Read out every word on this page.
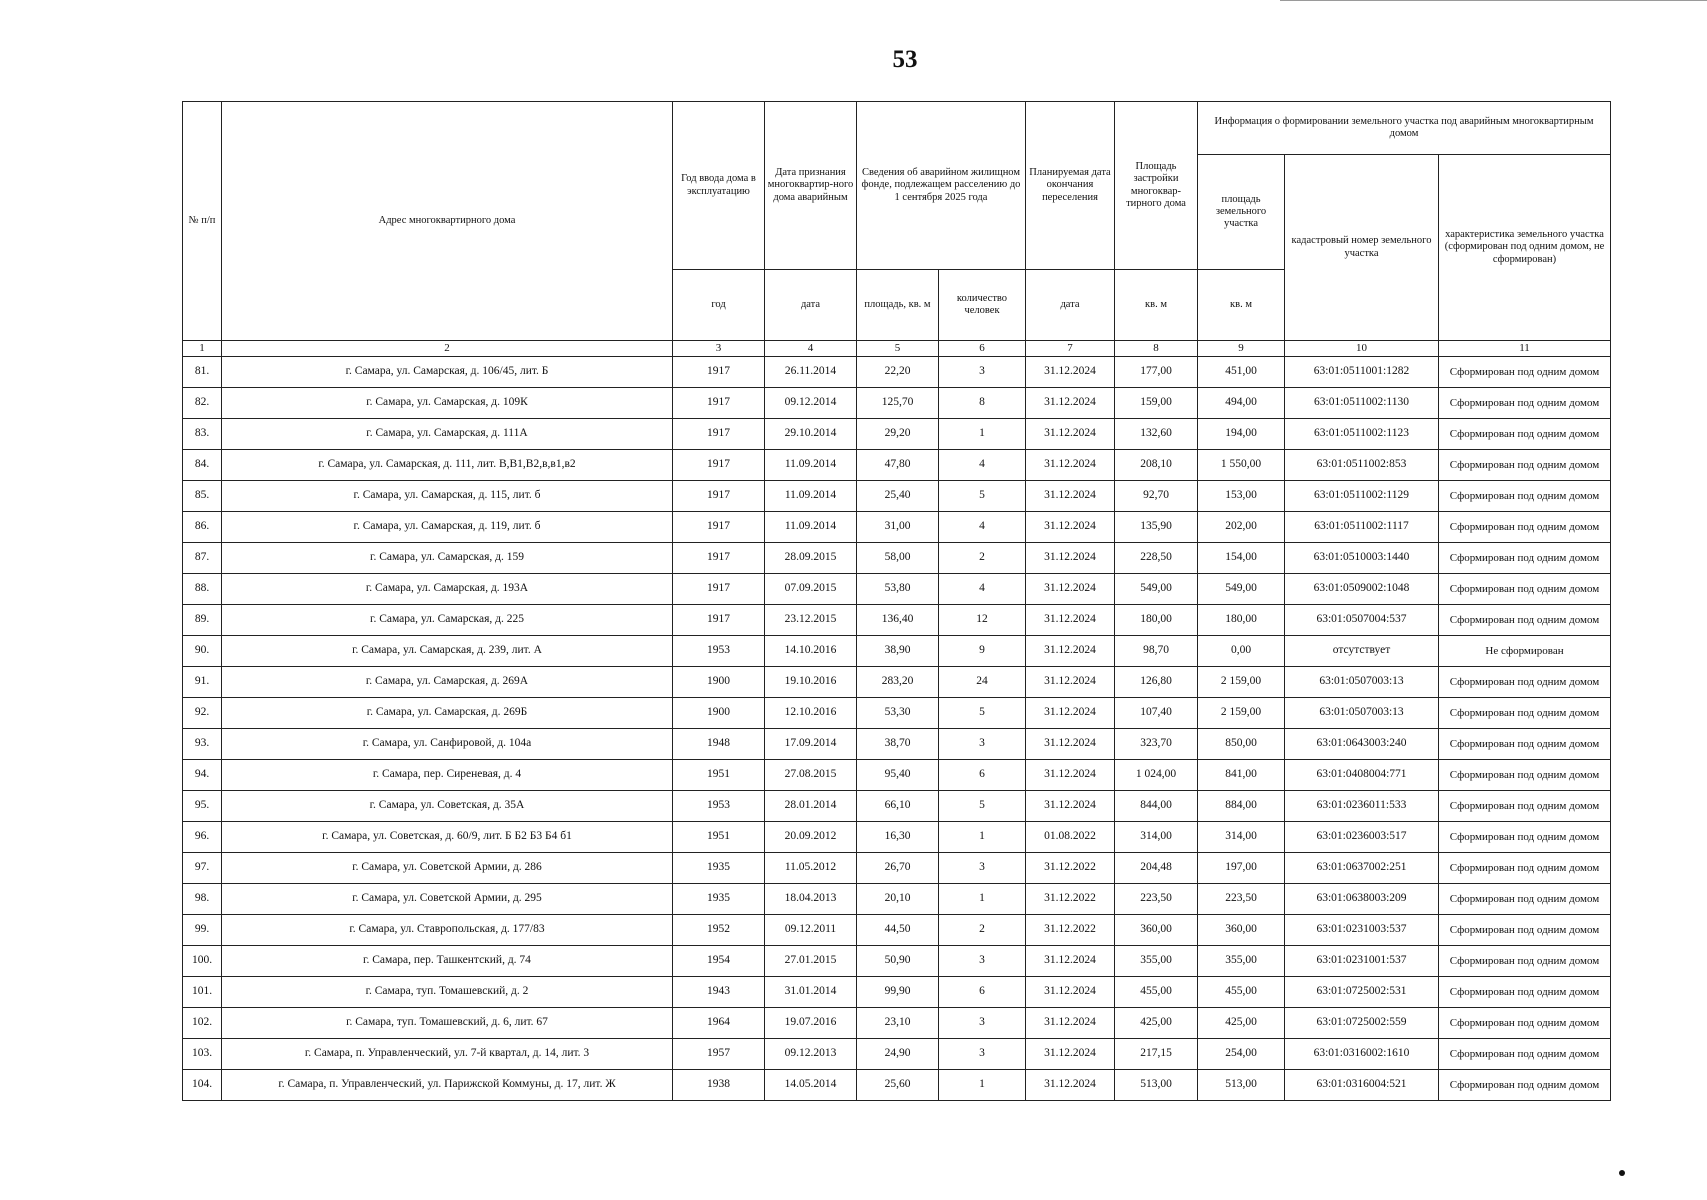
53
№ п/п	Адрес многоквартирного дома	Год ввода дома в эксплуатацию	Дата признания многоквартир-ного дома аварийным	Сведения об аварийном жилищном фонде, подлежащем расселению до 1 сентября 2025 года		Планируемая дата окончания переселения	Площадь застройки многоквар-тирного дома	Информация о формировании земельного участка под аварийным многоквартирным домом		
								площадь земельного участка	кадастровый номер земельного участка	характеристика земельного участка (сформирован под одним домом, не сформирован)
		год	дата	площадь, кв. м	количество человек	дата	кв. м	кв. м		
1	2	3	4	5	6	7	8	9	10	11
81.	г. Самара, ул. Самарская, д. 106/45, лит. Б	1917	26.11.2014	22,20	3	31.12.2024	177,00	451,00	63:01:0511001:1282	Сформирован под одним домом
82.	г. Самара, ул. Самарская, д. 109К	1917	09.12.2014	125,70	8	31.12.2024	159,00	494,00	63:01:0511002:1130	Сформирован под одним домом
83.	г. Самара, ул. Самарская, д. 111А	1917	29.10.2014	29,20	1	31.12.2024	132,60	194,00	63:01:0511002:1123	Сформирован под одним домом
84.	г. Самара, ул. Самарская, д. 111, лит. В,В1,В2,в,в1,в2	1917	11.09.2014	47,80	4	31.12.2024	208,10	1 550,00	63:01:0511002:853	Сформирован под одним домом
85.	г. Самара, ул. Самарская, д. 115, лит. б	1917	11.09.2014	25,40	5	31.12.2024	92,70	153,00	63:01:0511002:1129	Сформирован под одним домом
86.	г. Самара, ул. Самарская, д. 119, лит. б	1917	11.09.2014	31,00	4	31.12.2024	135,90	202,00	63:01:0511002:1117	Сформирован под одним домом
87.	г. Самара, ул. Самарская, д. 159	1917	28.09.2015	58,00	2	31.12.2024	228,50	154,00	63:01:0510003:1440	Сформирован под одним домом
88.	г. Самара, ул. Самарская, д. 193А	1917	07.09.2015	53,80	4	31.12.2024	549,00	549,00	63:01:0509002:1048	Сформирован под одним домом
89.	г. Самара, ул. Самарская, д. 225	1917	23.12.2015	136,40	12	31.12.2024	180,00	180,00	63:01:0507004:537	Сформирован под одним домом
90.	г. Самара, ул. Самарская, д. 239, лит. А	1953	14.10.2016	38,90	9	31.12.2024	98,70	0,00	отсутствует	Не сформирован
91.	г. Самара, ул. Самарская, д. 269А	1900	19.10.2016	283,20	24	31.12.2024	126,80	2 159,00	63:01:0507003:13	Сформирован под одним домом
92.	г. Самара, ул. Самарская, д. 269Б	1900	12.10.2016	53,30	5	31.12.2024	107,40	2 159,00	63:01:0507003:13	Сформирован под одним домом
93.	г. Самара, ул. Санфировой, д. 104а	1948	17.09.2014	38,70	3	31.12.2024	323,70	850,00	63:01:0643003:240	Сформирован под одним домом
94.	г. Самара, пер. Сиреневая, д. 4	1951	27.08.2015	95,40	6	31.12.2024	1 024,00	841,00	63:01:0408004:771	Сформирован под одним домом
95.	г. Самара, ул. Советская, д. 35А	1953	28.01.2014	66,10	5	31.12.2024	844,00	884,00	63:01:0236011:533	Сформирован под одним домом
96.	г. Самара, ул. Советская, д. 60/9, лит. Б Б2 Б3 Б4 б1	1951	20.09.2012	16,30	1	01.08.2022	314,00	314,00	63:01:0236003:517	Сформирован под одним домом
97.	г. Самара, ул. Советской Армии, д. 286	1935	11.05.2012	26,70	3	31.12.2022	204,48	197,00	63:01:0637002:251	Сформирован под одним домом
98.	г. Самара, ул. Советской Армии, д. 295	1935	18.04.2013	20,10	1	31.12.2022	223,50	223,50	63:01:0638003:209	Сформирован под одним домом
99.	г. Самара, ул. Ставропольская, д. 177/83	1952	09.12.2011	44,50	2	31.12.2022	360,00	360,00	63:01:0231003:537	Сформирован под одним домом
100.	г. Самара, пер. Ташкентский, д. 74	1954	27.01.2015	50,90	3	31.12.2024	355,00	355,00	63:01:0231001:537	Сформирован под одним домом
101.	г. Самара, туп. Томашевский, д. 2	1943	31.01.2014	99,90	6	31.12.2024	455,00	455,00	63:01:0725002:531	Сформирован под одним домом
102.	г. Самара, туп. Томашевский, д. 6, лит. 67	1964	19.07.2016	23,10	3	31.12.2024	425,00	425,00	63:01:0725002:559	Сформирован под одним домом
103.	г. Самара, п. Управленческий, ул. 7-й квартал, д. 14, лит. 3	1957	09.12.2013	24,90	3	31.12.2024	217,15	254,00	63:01:0316002:1610	Сформирован под одним домом
104.	г. Самара, п. Управленческий, ул. Парижской Коммуны, д. 17, лит. Ж	1938	14.05.2014	25,60	1	31.12.2024	513,00	513,00	63:01:0316004:521	Сформирован под одним домом
